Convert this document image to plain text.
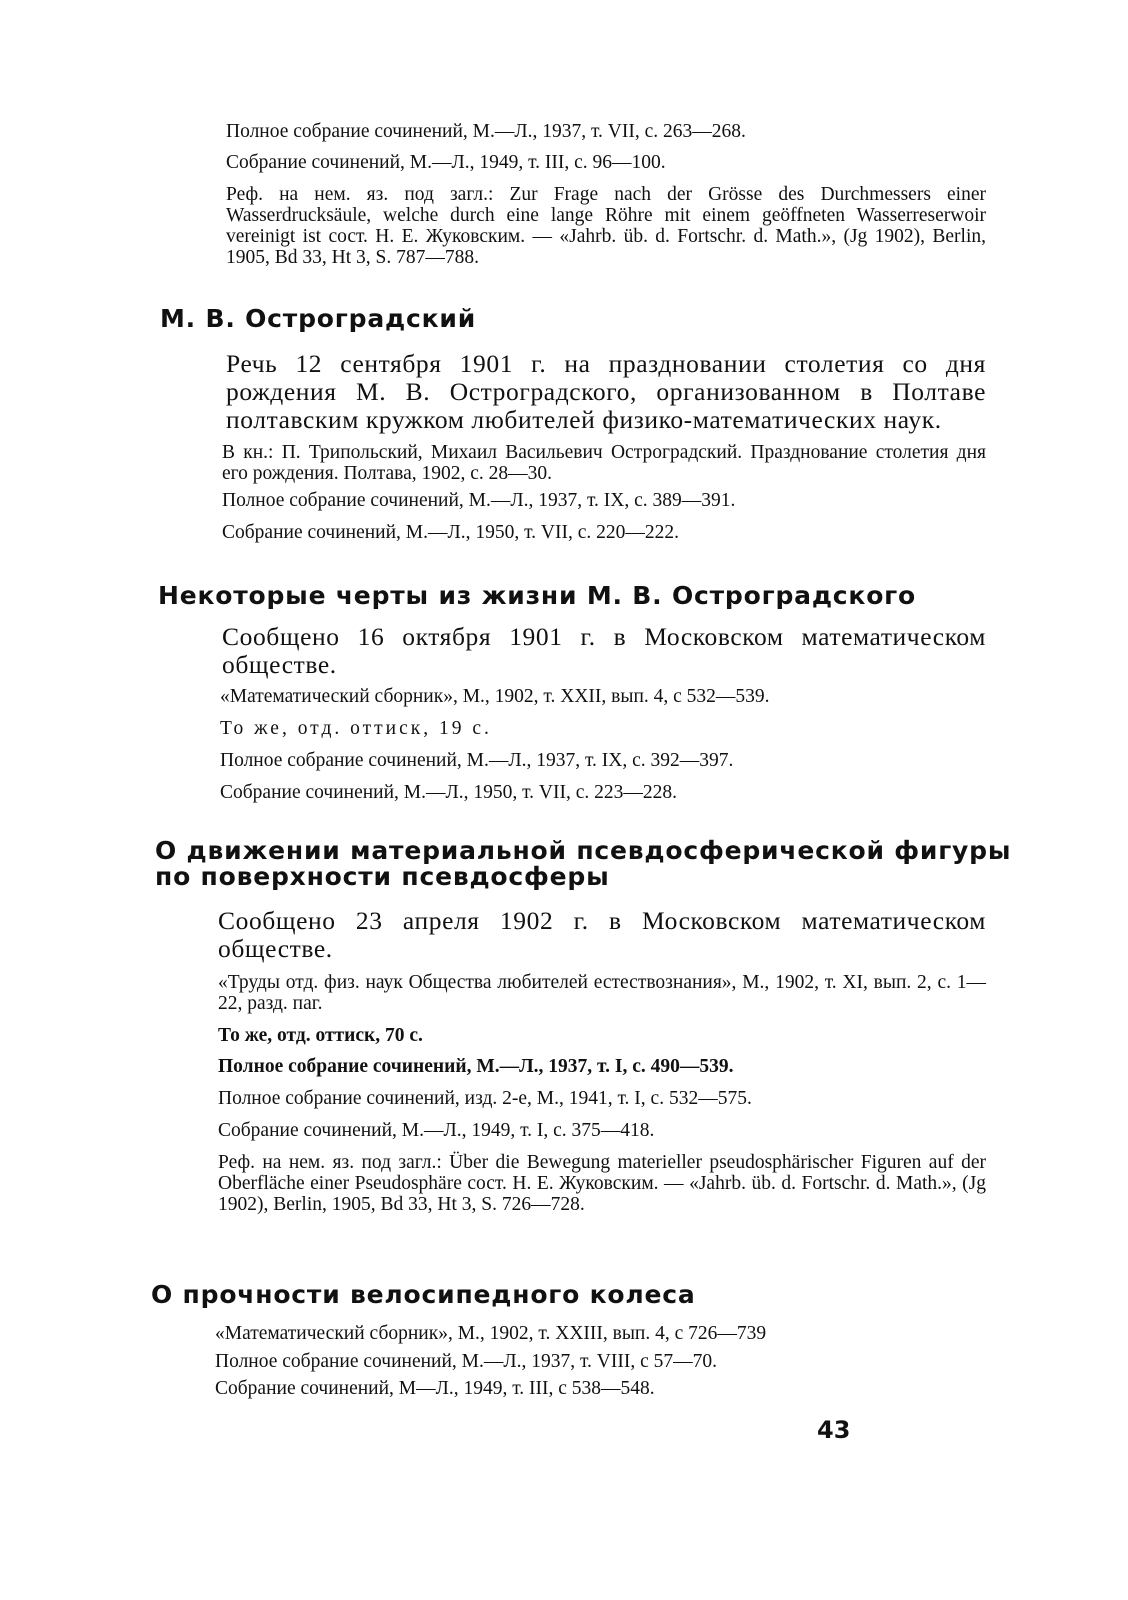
Полное собрание сочинений, М.—Л., 1937, т. VII, с. 263—268.

Собрание сочинений, М.—Л., 1949, т. III, с. 96—100.

Реф. на нем. яз. под загл.: Zur Frage nach der Grösse des Durchmessers einer Wasserdrucksäule, welche durch eine lange Röhre mit einem geöffneten Wasserreserwoir vereinigt ist сост. Н. Е. Жуковским. — «Jahrb. üb. d. Fortschr. d. Math.», (Jg 1902), Berlin, 1905, Bd 33, Ht 3, S. 787—788.

М. В. Остроградский

Речь 12 сентября 1901 г. на праздновании столетия со дня рождения М. В. Остроградского, организованном в Полтаве полтавским кружком любителей физико-математических наук.

В кн.: П. Трипольский, Михаил Васильевич Остроградский. Празднование столетия дня его рождения. Полтава, 1902, с. 28—30.

Полное собрание сочинений, М.—Л., 1937, т. IX, с. 389—391.

Собрание сочинений, М.—Л., 1950, т. VII, с. 220—222.

Некоторые черты из жизни М. В. Остроградского

Сообщено 16 октября 1901 г. в Московском математическом обществе.

«Математический сборник», М., 1902, т. XXII, вып. 4, с 532—539.

То же, отд. оттиск, 19 с.

Полное собрание сочинений, М.—Л., 1937, т. IX, с. 392—397.

Собрание сочинений, М.—Л., 1950, т. VII, с. 223—228.

О движении материальной псевдосферической фигуры
по поверхности псевдосферы

Сообщено 23 апреля 1902 г. в Московском математическом обществе.

«Труды отд. физ. наук Общества любителей естествознания», М., 1902, т. XI, вып. 2, с. 1—22, разд. паг.

То же, отд. оттиск, 70 с.

Полное собрание сочинений, М.—Л., 1937, т. I, с. 490—539.

Полное собрание сочинений, изд. 2-е, М., 1941, т. I, с. 532—575.

Собрание сочинений, М.—Л., 1949, т. I, с. 375—418.

Реф. на нем. яз. под загл.: Über die Bewegung materieller pseudosphärischer Figuren auf der Oberfläche einer Pseudosphäre сост. Н. Е. Жуковским. — «Jahrb. üb. d. Fortschr. d. Math.», (Jg 1902), Berlin, 1905, Bd 33, Ht 3, S. 726—728.

О прочности велосипедного колеса

«Математический сборник», М., 1902, т. XXIII, вып. 4, с 726—739

Полное собрание сочинений, М.—Л., 1937, т. VIII, с 57—70.

Собрание сочинений, М—Л., 1949, т. III, с 538—548.

43
